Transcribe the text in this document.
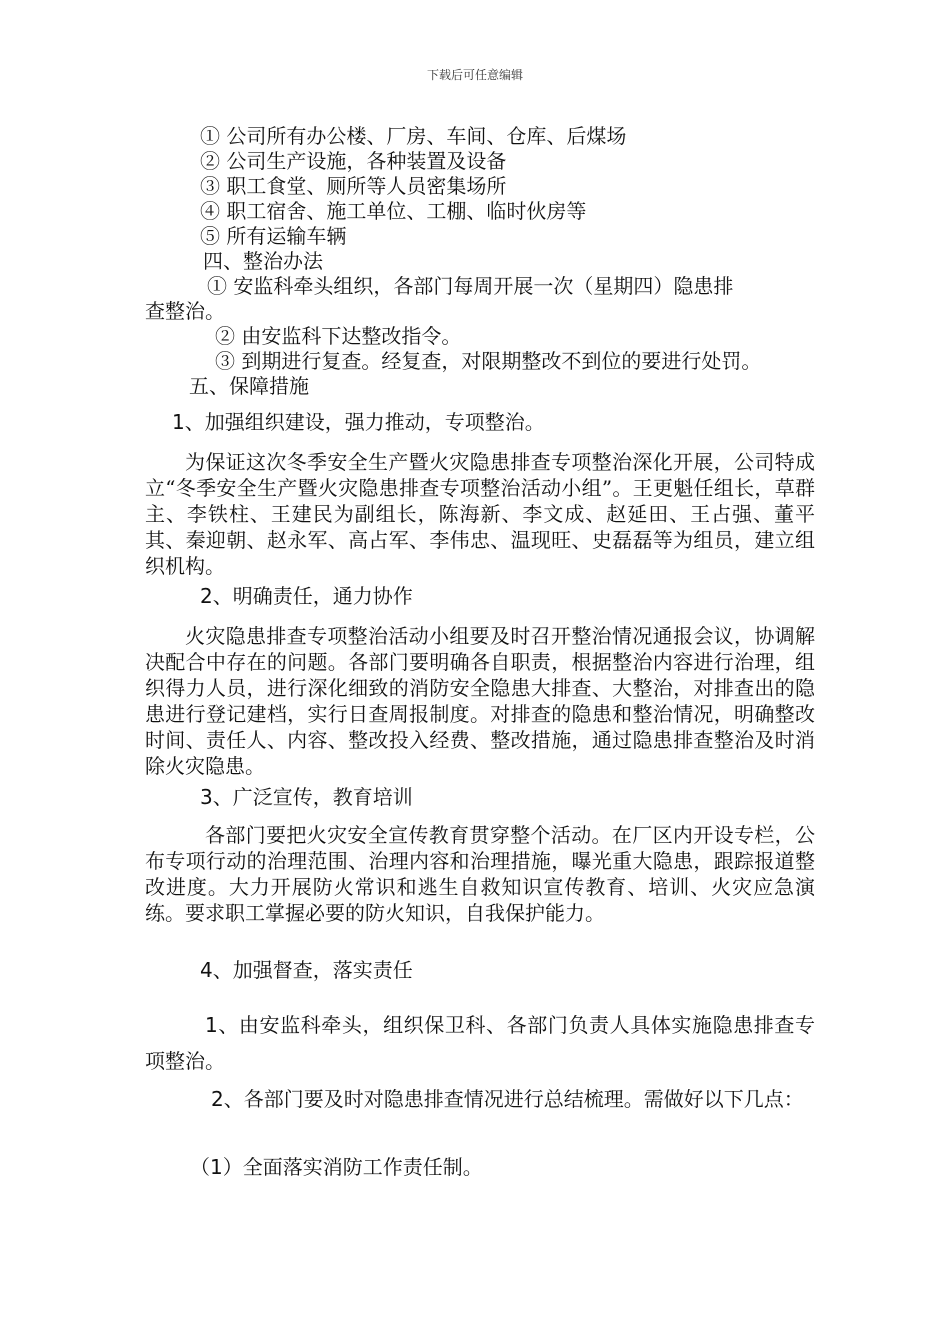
下载后可任意编辑
① 公司所有办公楼、厂房、车间、仓库、后煤场
② 公司生产设施，各种装置及设备
③ 职工食堂、厕所等人员密集场所
④ 职工宿舍、施工单位、工棚、临时伙房等
⑤ 所有运输车辆
四、整治办法
① 安监科牵头组织，各部门每周开展一次（星期四）隐患排
查整治。
② 由安监科下达整改指令。
③ 到期进行复查。经复查，对限期整改不到位的要进行处罚。
五、保障措施
1、加强组织建设，强力推动，专项整治。
为保证这次冬季安全生产暨火灾隐患排查专项整治深化开展，公司特成立“冬季安全生产暨火灾隐患排查专项整治活动小组”。王更魁任组长，草群主、李铁柱、王建民为副组长，陈海新、李文成、赵延田、王占强、董平其、秦迎朝、赵永军、高占军、李伟忠、温现旺、史磊磊等为组员，建立组织机构。
2、明确责任，通力协作
火灾隐患排查专项整治活动小组要及时召开整治情况通报会议，协调解决配合中存在的问题。各部门要明确各自职责，根据整治内容进行治理，组织得力人员，进行深化细致的消防安全隐患大排查、大整治，对排查出的隐患进行登记建档，实行日查周报制度。对排查的隐患和整治情况，明确整改时间、责任人、内容、整改投入经费、整改措施，通过隐患排查整治及时消除火灾隐患。
3、广泛宣传，教育培训
各部门要把火灾安全宣传教育贯穿整个活动。在厂区内开设专栏，公布专项行动的治理范围、治理内容和治理措施，曝光重大隐患，跟踪报道整改进度。大力开展防火常识和逃生自救知识宣传教育、培训、火灾应急演练。要求职工掌握必要的防火知识，自我保护能力。
4、加强督查，落实责任
1、由安监科牵头，组织保卫科、各部门负责人具体实施隐患排查专项整治。
2、各部门要及时对隐患排查情况进行总结梳理。需做好以下几点：
（1）全面落实消防工作责任制。
